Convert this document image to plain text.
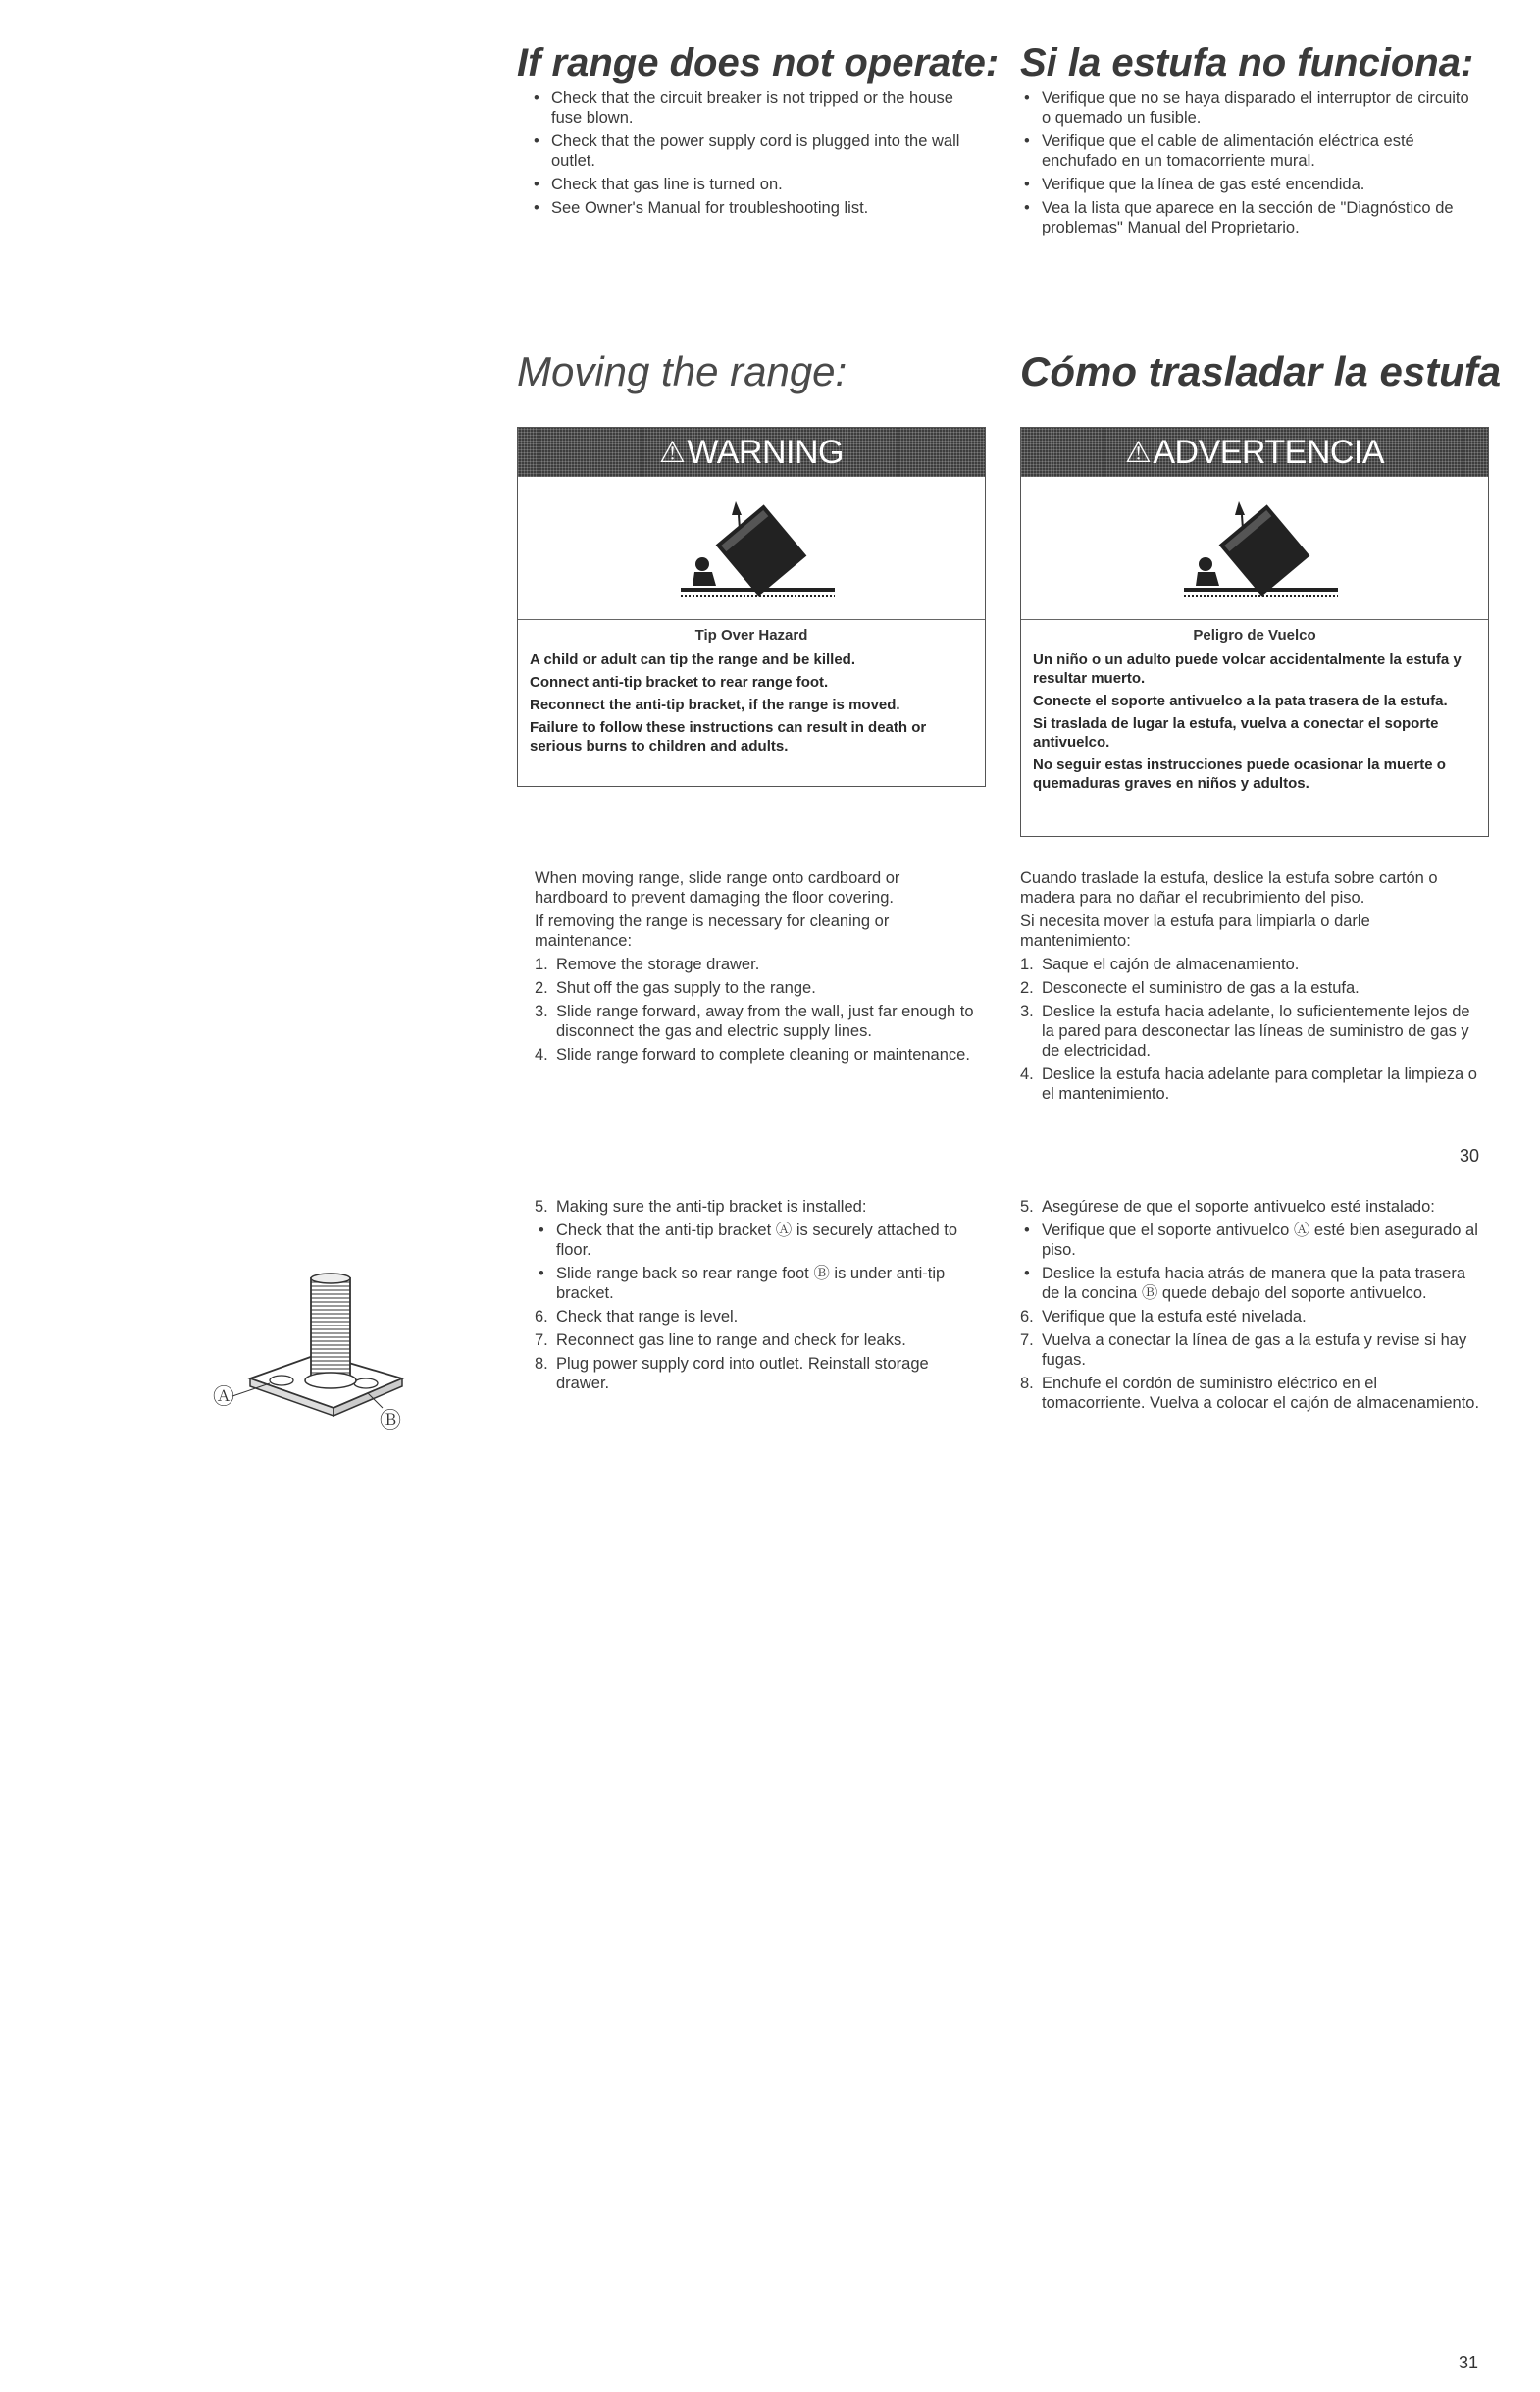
If range does not operate:
• Check that the circuit breaker is not tripped or the house fuse blown.
• Check that the power supply cord is plugged into the wall outlet.
• Check that gas line is turned on.
• See Owner's Manual for troubleshooting list.
Si la estufa no funciona:
• Verifique que no se haya disparado el interruptor de circuito o quemado un fusible.
• Verifique que el cable de alimentación eléctrica esté enchufado en un tomacorriente mural.
• Verifique que la línea de gas esté encendida.
• Vea la lista que aparece en la sección de "Diagnóstico de problemas" Manual del Proprietario.
Moving the range:	Cómo trasladar la estufa
⚠ WARNING

Tip Over Hazard

A child or adult can tip the range and be killed.

Connect anti-tip bracket to rear range foot.

Reconnect the anti-tip bracket, if the range is moved.

Failure to follow these instructions can result in death or serious burns to children and adults.

⚠ ADVERTENCIA

Peligro de Vuelco

Un niño o un adulto puede volcar accidentalmente la estufa y resultar muerto.

Conecte el soporte antivuelco a la pata trasera de la estufa.

Si traslada de lugar la estufa, vuelva a conectar el soporte antivuelco.

No seguir estas instrucciones puede ocasionar la muerte o quemaduras graves en niños y adultos.

When moving range, slide range onto cardboard or hardboard to prevent damaging the floor covering.

If removing the range is necessary for cleaning or maintenance:

1. Remove the storage drawer.
2. Shut off the gas supply to the range.
3. Slide range forward, away from the wall, just far enough to disconnect the gas and electric supply lines.
4. Slide range forward to complete cleaning or maintenance.

Cuando traslade la estufa, deslice la estufa sobre cartón o madera para no dañar el recubrimiento del piso.

Si necesita mover la estufa para limpiarla o darle mantenimiento:

1. Saque el cajón de almacenamiento.
2. Desconecte el suministro de gas a la estufa.
3. Deslice la estufa hacia adelante, lo suficientemente lejos de la pared para desconectar las líneas de suministro de gas y de electricidad.
4. Deslice la estufa hacia adelante para completar la limpieza o el mantenimiento.
30
Ⓐ
Ⓑ
5. Making sure the anti-tip bracket is installed:
• Check that the anti-tip bracket Ⓐ is securely attached to floor.
• Slide range back so rear range foot Ⓑ is under anti-tip bracket.
6. Check that range is level.
7. Reconnect gas line to range and check for leaks.
8. Plug power supply cord into outlet. Reinstall storage drawer.
5. Asegúrese de que el soporte antivuelco esté instalado:
• Verifique que el soporte antivuelco Ⓐ esté bien asegurado al piso.
• Deslice la estufa hacia atrás de manera que la pata trasera de la concina Ⓑ quede debajo del soporte antivuelco.
6. Verifique que la estufa esté nivelada.
7. Vuelva a conectar la línea de gas a la estufa y revise si hay fugas.
8. Enchufe el cordón de suministro eléctrico en el tomacorriente. Vuelva a colocar el cajón de almacenamiento.
31
